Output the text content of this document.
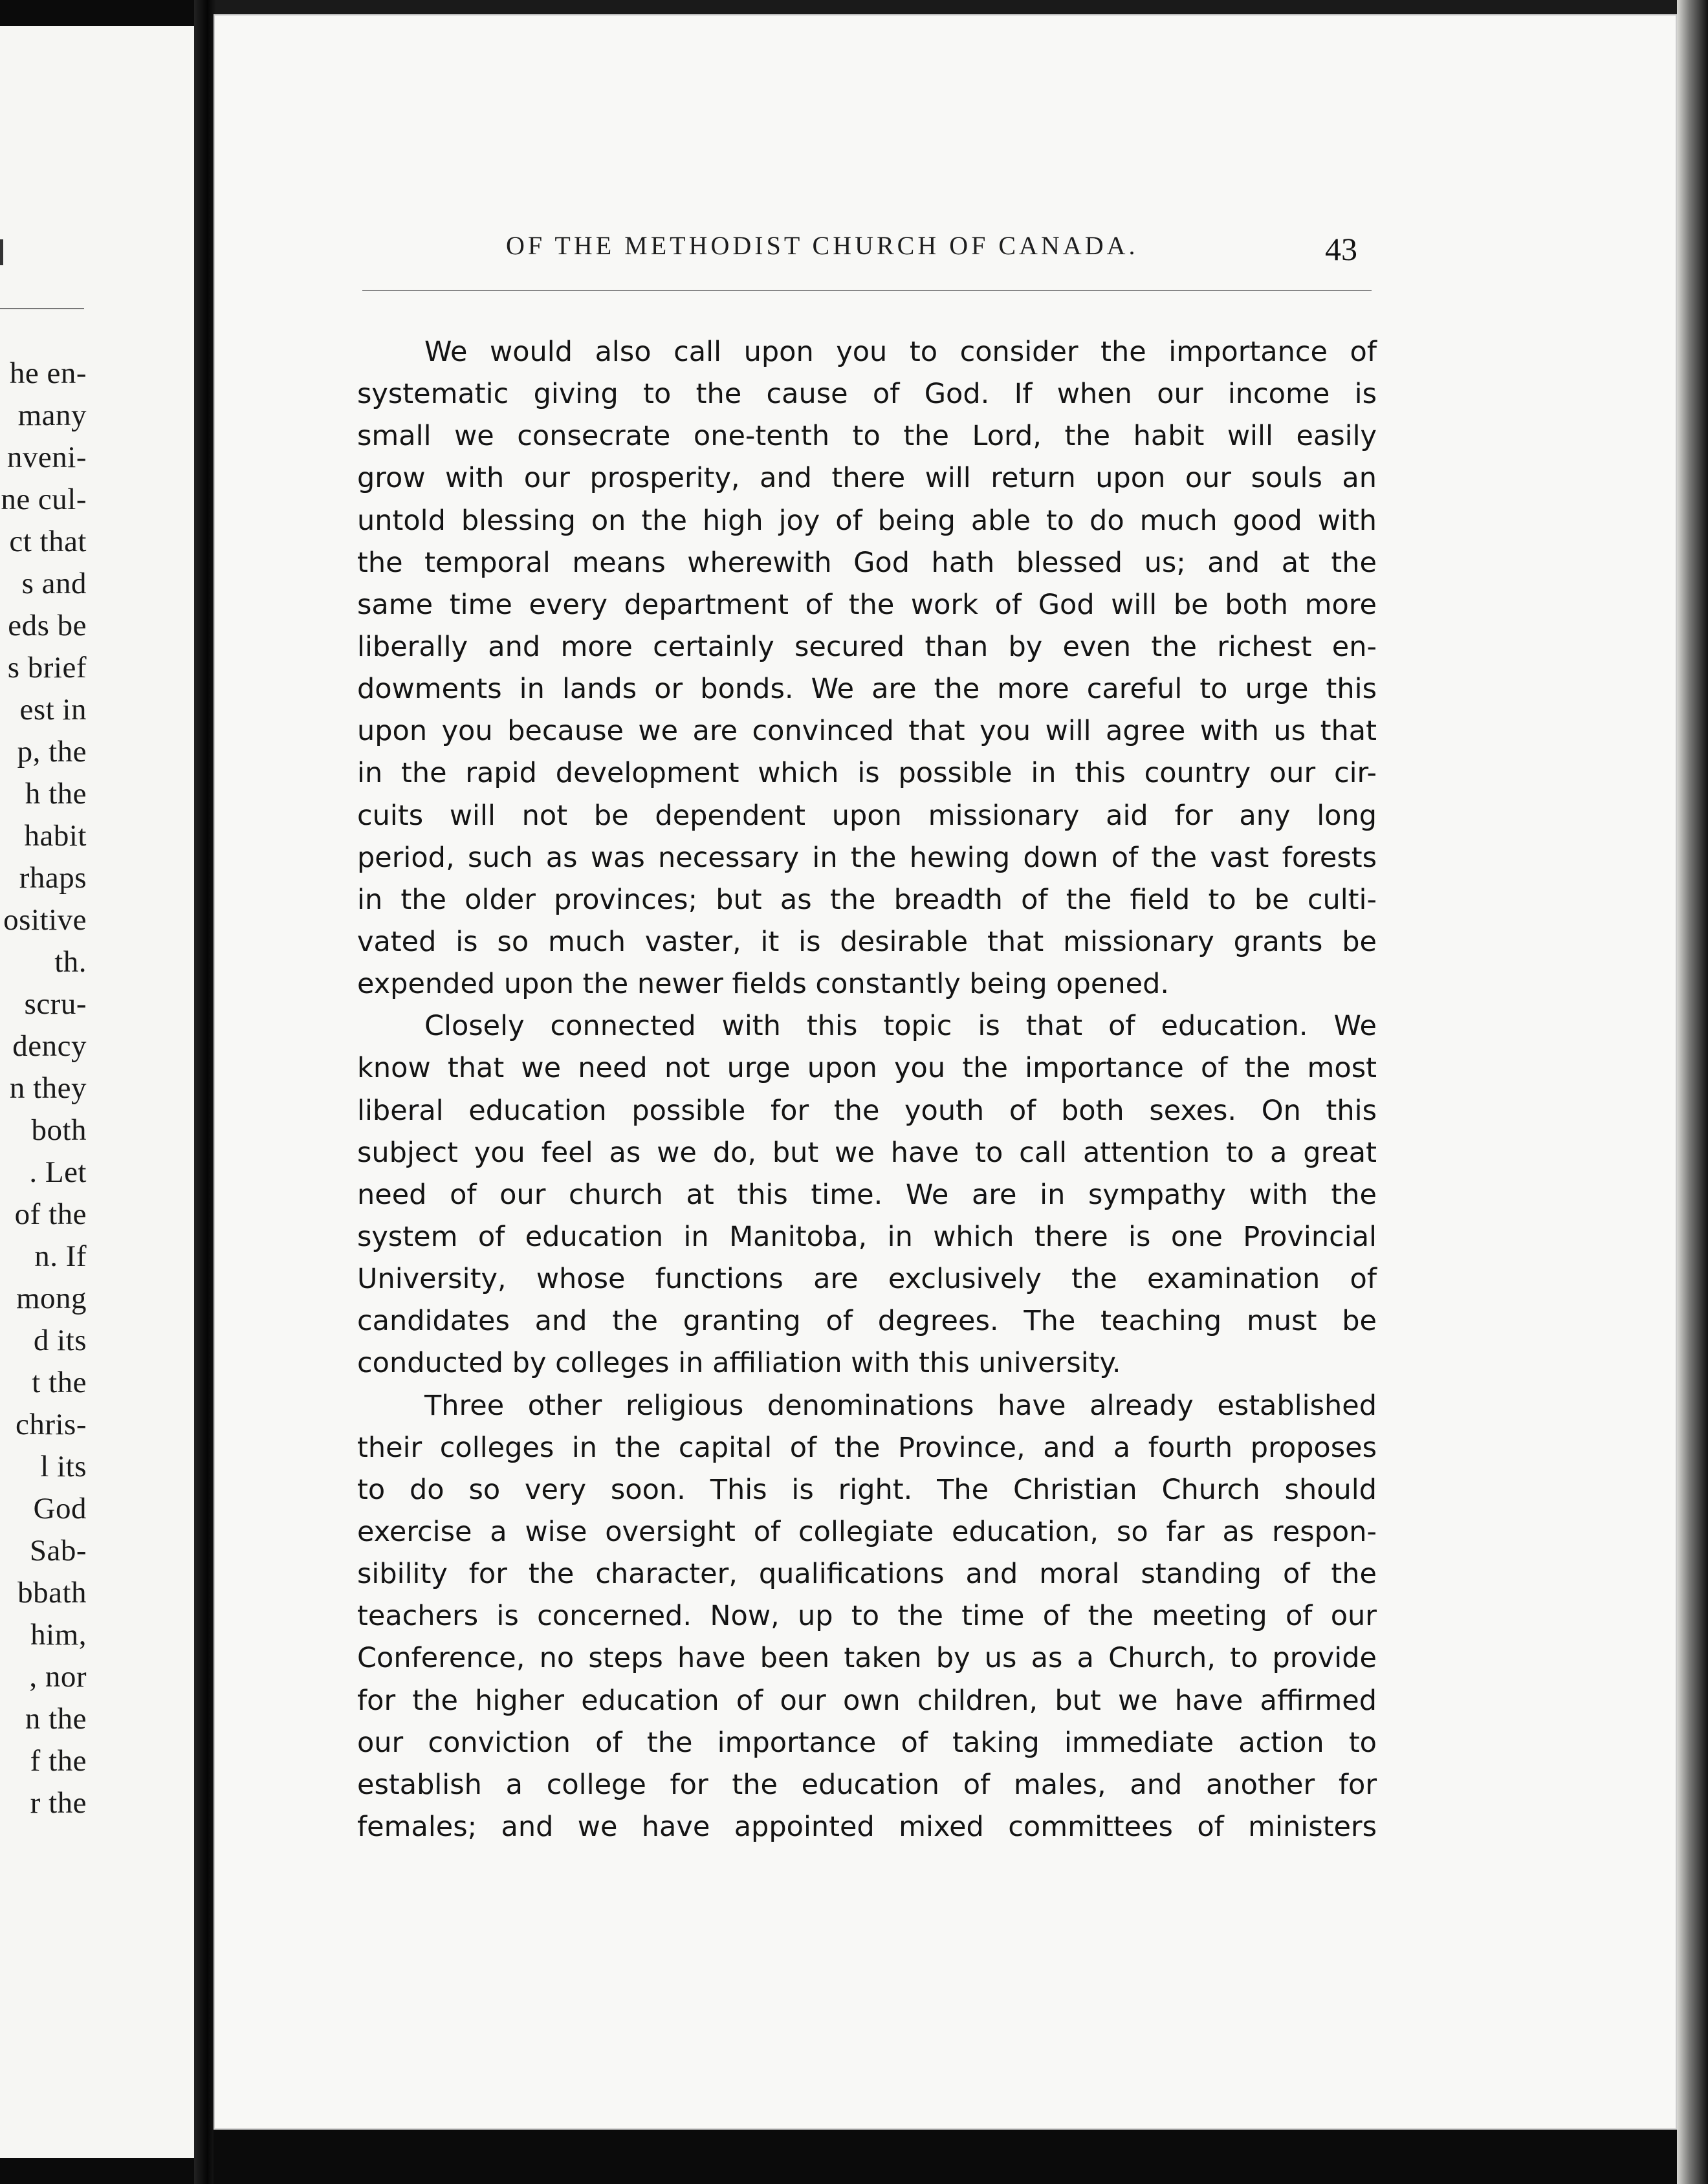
he en-
many
nveni-
ne cul-
ct that
s and
eds be
s brief
est in
p, the
h the
habit
rhaps
ositive
th.
scru-
dency
n they
both
. Let
of the
n. If
mong
d its
t the
chris-
l its
God
Sab-
bbath
him,
, nor
n the
f the
r the
OF THE METHODIST CHURCH OF CANADA.	43
We would also call upon you to consider the importance of
systematic giving to the cause of God. If when our income is
small we consecrate one-tenth to the Lord, the habit will easily
grow with our prosperity, and there will return upon our souls an
untold blessing on the high joy of being able to do much good with
the temporal means wherewith God hath blessed us; and at the
same time every department of the work of God will be both more
liberally and more certainly secured than by even the richest en-
dowments in lands or bonds. We are the more careful to urge this
upon you because we are convinced that you will agree with us that
in the rapid development which is possible in this country our cir-
cuits will not be dependent upon missionary aid for any long
period, such as was necessary in the hewing down of the vast forests
in the older provinces; but as the breadth of the field to be culti-
vated is so much vaster, it is desirable that missionary grants be
expended upon the newer fields constantly being opened.
Closely connected with this topic is that of education. We
know that we need not urge upon you the importance of the most
liberal education possible for the youth of both sexes. On this
subject you feel as we do, but we have to call attention to a great
need of our church at this time. We are in sympathy with the
system of education in Manitoba, in which there is one Provincial
University, whose functions are exclusively the examination of
candidates and the granting of degrees. The teaching must be
conducted by colleges in affiliation with this university.
Three other religious denominations have already established
their colleges in the capital of the Province, and a fourth proposes
to do so very soon. This is right. The Christian Church should
exercise a wise oversight of collegiate education, so far as respon-
sibility for the character, qualifications and moral standing of the
teachers is concerned. Now, up to the time of the meeting of our
Conference, no steps have been taken by us as a Church, to provide
for the higher education of our own children, but we have affirmed
our conviction of the importance of taking immediate action to
establish a college for the education of males, and another for
females; and we have appointed mixed committees of ministers
